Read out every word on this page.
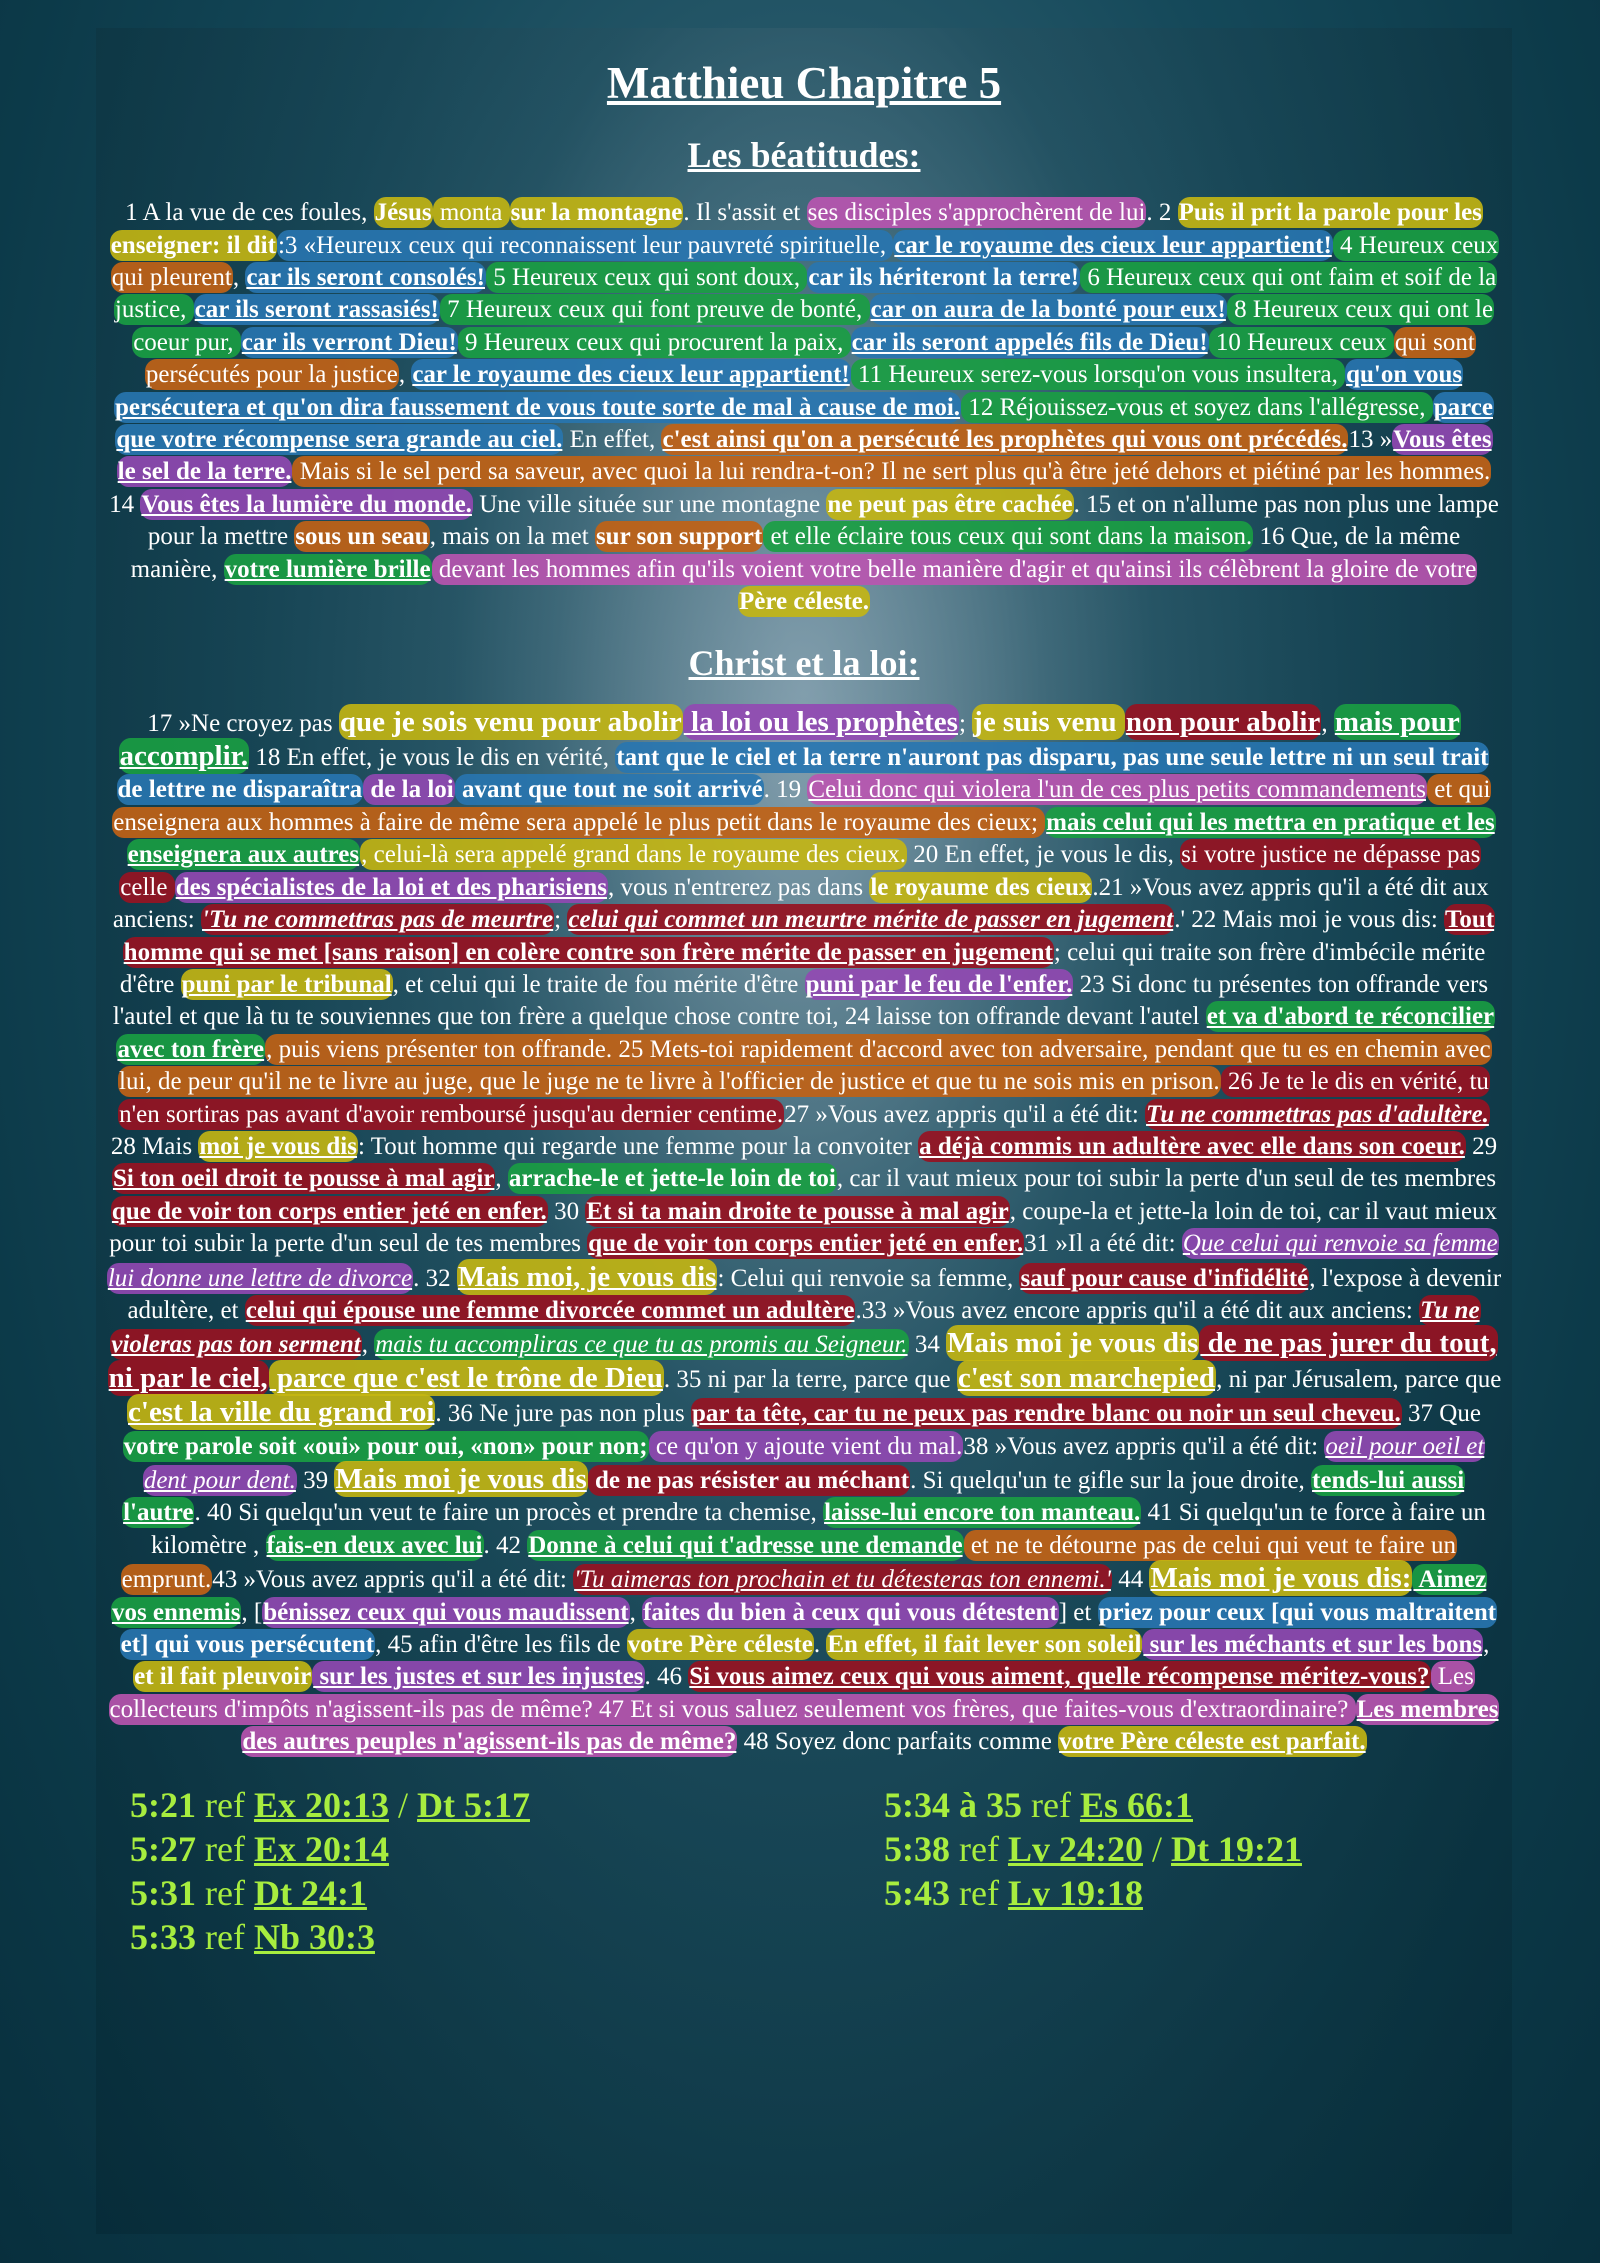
Matthieu Chapitre 5
Les béatitudes:
1 A la vue de ces foules, Jésus monta sur la montagne. Il s'assit et ses disciples s'approchèrent de lui. 2 Puis il prit la parole pour les enseigner: il dit:3 «Heureux ceux qui reconnaissent leur pauvreté spirituelle, car le royaume des cieux leur appartient! 4 Heureux ceux qui pleurent, car ils seront consolés! 5 Heureux ceux qui sont doux, car ils hériteront la terre! 6 Heureux ceux qui ont faim et soif de la justice, car ils seront rassasiés! 7 Heureux ceux qui font preuve de bonté, car on aura de la bonté pour eux! 8 Heureux ceux qui ont le coeur pur, car ils verront Dieu! 9 Heureux ceux qui procurent la paix, car ils seront appelés fils de Dieu! 10 Heureux ceux qui sont persécutés pour la justice, car le royaume des cieux leur appartient! 11 Heureux serez-vous lorsqu'on vous insultera, qu'on vous persécutera et qu'on dira faussement de vous toute sorte de mal à cause de moi. 12 Réjouissez-vous et soyez dans l'allégresse, parce que votre récompense sera grande au ciel. En effet, c'est ainsi qu'on a persécuté les prophètes qui vous ont précédés.13 »Vous êtes le sel de la terre. Mais si le sel perd sa saveur, avec quoi la lui rendra-t-on? Il ne sert plus qu'à être jeté dehors et piétiné par les hommes. 14 Vous êtes la lumière du monde. Une ville située sur une montagne ne peut pas être cachée. 15 et on n'allume pas non plus une lampe pour la mettre sous un seau, mais on la met sur son support et elle éclaire tous ceux qui sont dans la maison. 16 Que, de la même manière, votre lumière brille devant les hommes afin qu'ils voient votre belle manière d'agir et qu'ainsi ils célèbrent la gloire de votre Père céleste.
Christ et la loi:
17 »Ne croyez pas que je sois venu pour abolir la loi ou les prophètes; je suis venu non pour abolir, mais pour accomplir. 18 En effet, je vous le dis en vérité, tant que le ciel et la terre n'auront pas disparu, pas une seule lettre ni un seul trait de lettre ne disparaîtra de la loi avant que tout ne soit arrivé. 19 Celui donc qui violera l'un de ces plus petits commandements et qui enseignera aux hommes à faire de même sera appelé le plus petit dans le royaume des cieux; mais celui qui les mettra en pratique et les enseignera aux autres, celui-là sera appelé grand dans le royaume des cieux. 20 En effet, je vous le dis, si votre justice ne dépasse pas celle des spécialistes de la loi et des pharisiens, vous n'entrerez pas dans le royaume des cieux.21 »Vous avez appris qu'il a été dit aux anciens: 'Tu ne commettras pas de meurtre; celui qui commet un meurtre mérite de passer en jugement.' 22 Mais moi je vous dis: Tout homme qui se met [sans raison] en colère contre son frère mérite de passer en jugement; celui qui traite son frère d'imbécile mérite d'être puni par le tribunal, et celui qui le traite de fou mérite d'être puni par le feu de l'enfer. 23 Si donc tu présentes ton offrande vers l'autel et que là tu te souviennes que ton frère a quelque chose contre toi, 24 laisse ton offrande devant l'autel et va d'abord te réconcilier avec ton frère, puis viens présenter ton offrande. 25 Mets-toi rapidement d'accord avec ton adversaire, pendant que tu es en chemin avec lui, de peur qu'il ne te livre au juge, que le juge ne te livre à l'officier de justice et que tu ne sois mis en prison. 26 Je te le dis en vérité, tu n'en sortiras pas avant d'avoir remboursé jusqu'au dernier centime.27 »Vous avez appris qu'il a été dit: Tu ne commettras pas d'adultère. 28 Mais moi je vous dis: Tout homme qui regarde une femme pour la convoiter a déjà commis un adultère avec elle dans son coeur. 29 Si ton oeil droit te pousse à mal agir, arrache-le et jette-le loin de toi, car il vaut mieux pour toi subir la perte d'un seul de tes membres que de voir ton corps entier jeté en enfer. 30 Et si ta main droite te pousse à mal agir, coupe-la et jette-la loin de toi, car il vaut mieux pour toi subir la perte d'un seul de tes membres que de voir ton corps entier jeté en enfer.31 »Il a été dit: Que celui qui renvoie sa femme lui donne une lettre de divorce. 32 Mais moi, je vous dis: Celui qui renvoie sa femme, sauf pour cause d'infidélité, l'expose à devenir adultère, et celui qui épouse une femme divorcée commet un adultère.33 »Vous avez encore appris qu'il a été dit aux anciens: Tu ne violeras pas ton serment, mais tu accompliras ce que tu as promis au Seigneur. 34 Mais moi je vous dis de ne pas jurer du tout, ni par le ciel, parce que c'est le trône de Dieu. 35 ni par la terre, parce que c'est son marchepied, ni par Jérusalem, parce que c'est la ville du grand roi. 36 Ne jure pas non plus par ta tête, car tu ne peux pas rendre blanc ou noir un seul cheveu. 37 Que votre parole soit «oui» pour oui, «non» pour non; ce qu'on y ajoute vient du mal.38 »Vous avez appris qu'il a été dit: oeil pour oeil et dent pour dent. 39 Mais moi je vous dis de ne pas résister au méchant. Si quelqu'un te gifle sur la joue droite, tends-lui aussi l'autre. 40 Si quelqu'un veut te faire un procès et prendre ta chemise, laisse-lui encore ton manteau. 41 Si quelqu'un te force à faire un kilomètre , fais-en deux avec lui. 42 Donne à celui qui t'adresse une demande et ne te détourne pas de celui qui veut te faire un emprunt.43 »Vous avez appris qu'il a été dit: 'Tu aimeras ton prochain et tu détesteras ton ennemi.' 44 Mais moi je vous dis: Aimez vos ennemis, [bénissez ceux qui vous maudissent, faites du bien à ceux qui vous détestent] et priez pour ceux [qui vous maltraitent et] qui vous persécutent, 45 afin d'être les fils de votre Père céleste. En effet, il fait lever son soleil sur les méchants et sur les bons, et il fait pleuvoir sur les justes et sur les injustes. 46 Si vous aimez ceux qui vous aiment, quelle récompense méritez-vous? Les collecteurs d'impôts n'agissent-ils pas de même? 47 Et si vous saluez seulement vos frères, que faites-vous d'extraordinaire? Les membres des autres peuples n'agissent-ils pas de même? 48 Soyez donc parfaits comme votre Père céleste est parfait.
5:21 ref Ex 20:13 / Dt 5:17
5:27 ref Ex 20:14
5:31 ref Dt 24:1
5:33 ref Nb 30:3
5:34 à 35 ref Es 66:1
5:38 ref Lv 24:20 / Dt 19:21
5:43 ref Lv 19:18
